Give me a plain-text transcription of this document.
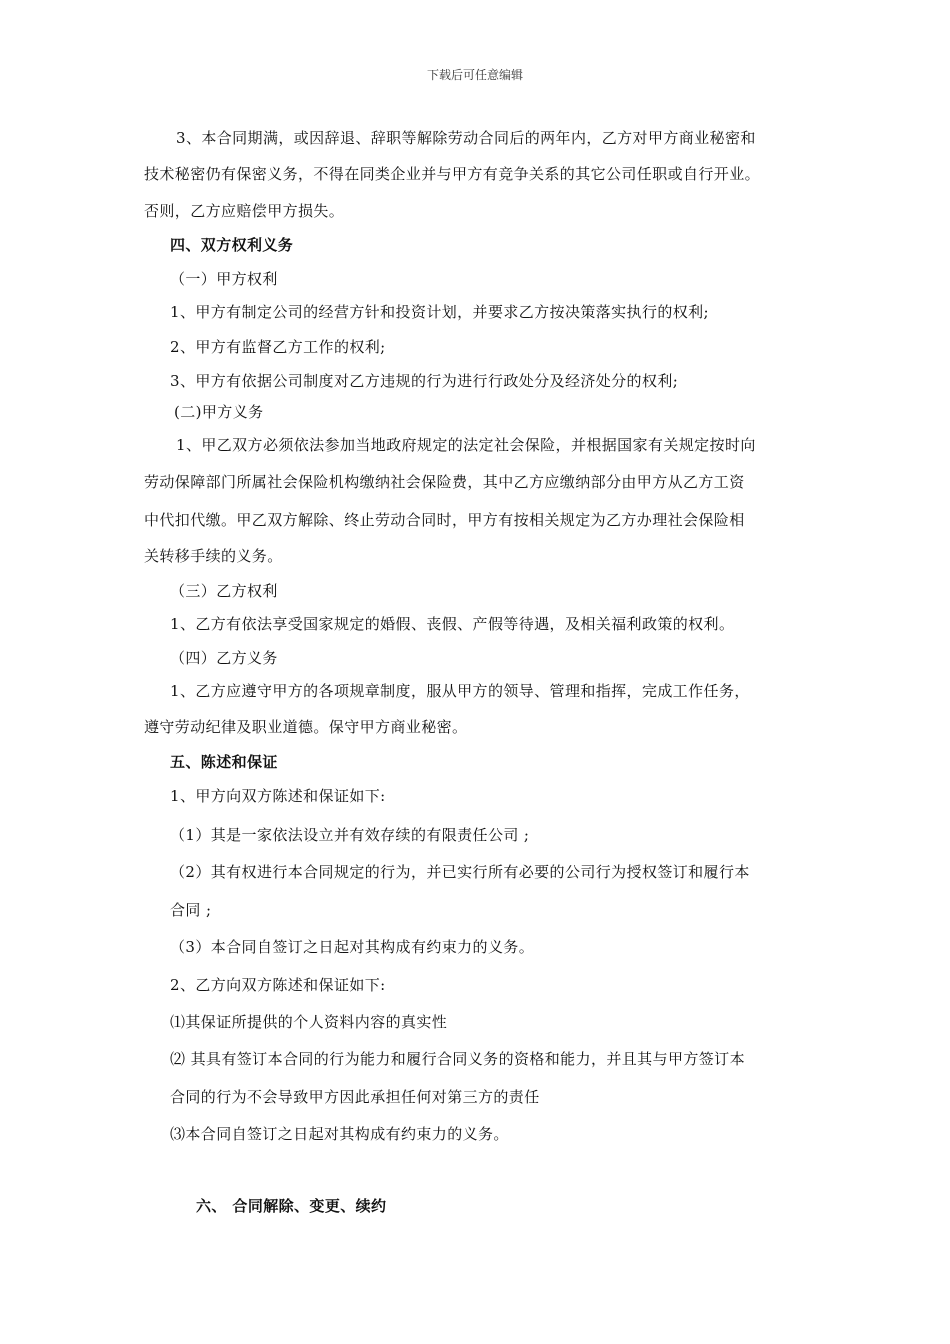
下载后可任意编辑
3、本合同期满，或因辞退、辞职等解除劳动合同后的两年内，乙方对甲方商业秘密和
技术秘密仍有保密义务，不得在同类企业并与甲方有竞争关系的其它公司任职或自行开业。
否则，乙方应赔偿甲方损失。
四、双方权利义务
（一）甲方权利
1、甲方有制定公司的经营方针和投资计划，并要求乙方按决策落实执行的权利;
2、甲方有监督乙方工作的权利;
3、甲方有依据公司制度对乙方违规的行为进行行政处分及经济处分的权利;
(二)甲方义务
1、甲乙双方必须依法参加当地政府规定的法定社会保险，并根据国家有关规定按时向
劳动保障部门所属社会保险机构缴纳社会保险费，其中乙方应缴纳部分由甲方从乙方工资
中代扣代缴。甲乙双方解除、终止劳动合同时，甲方有按相关规定为乙方办理社会保险相
关转移手续的义务。
（三）乙方权利
1、乙方有依法享受国家规定的婚假、丧假、产假等待遇，及相关福利政策的权利。
（四）乙方义务
1、乙方应遵守甲方的各项规章制度，服从甲方的领导、管理和指挥，完成工作任务，
遵守劳动纪律及职业道德。保守甲方商业秘密。
五、陈述和保证
1、甲方向双方陈述和保证如下:
（1）其是一家依法设立并有效存续的有限责任公司 ;
（2）其有权进行本合同规定的行为，并已实行所有必要的公司行为授权签订和履行本
合同 ;
（3）本合同自签订之日起对其构成有约束力的义务。
2、乙方向双方陈述和保证如下:
⑴其保证所提供的个人资料内容的真实性
⑵ 其具有签订本合同的行为能力和履行合同义务的资格和能力，并且其与甲方签订本
合同的行为不会导致甲方因此承担任何对第三方的责任
⑶本合同自签订之日起对其构成有约束力的义务。
六、 合同解除、变更、续约
